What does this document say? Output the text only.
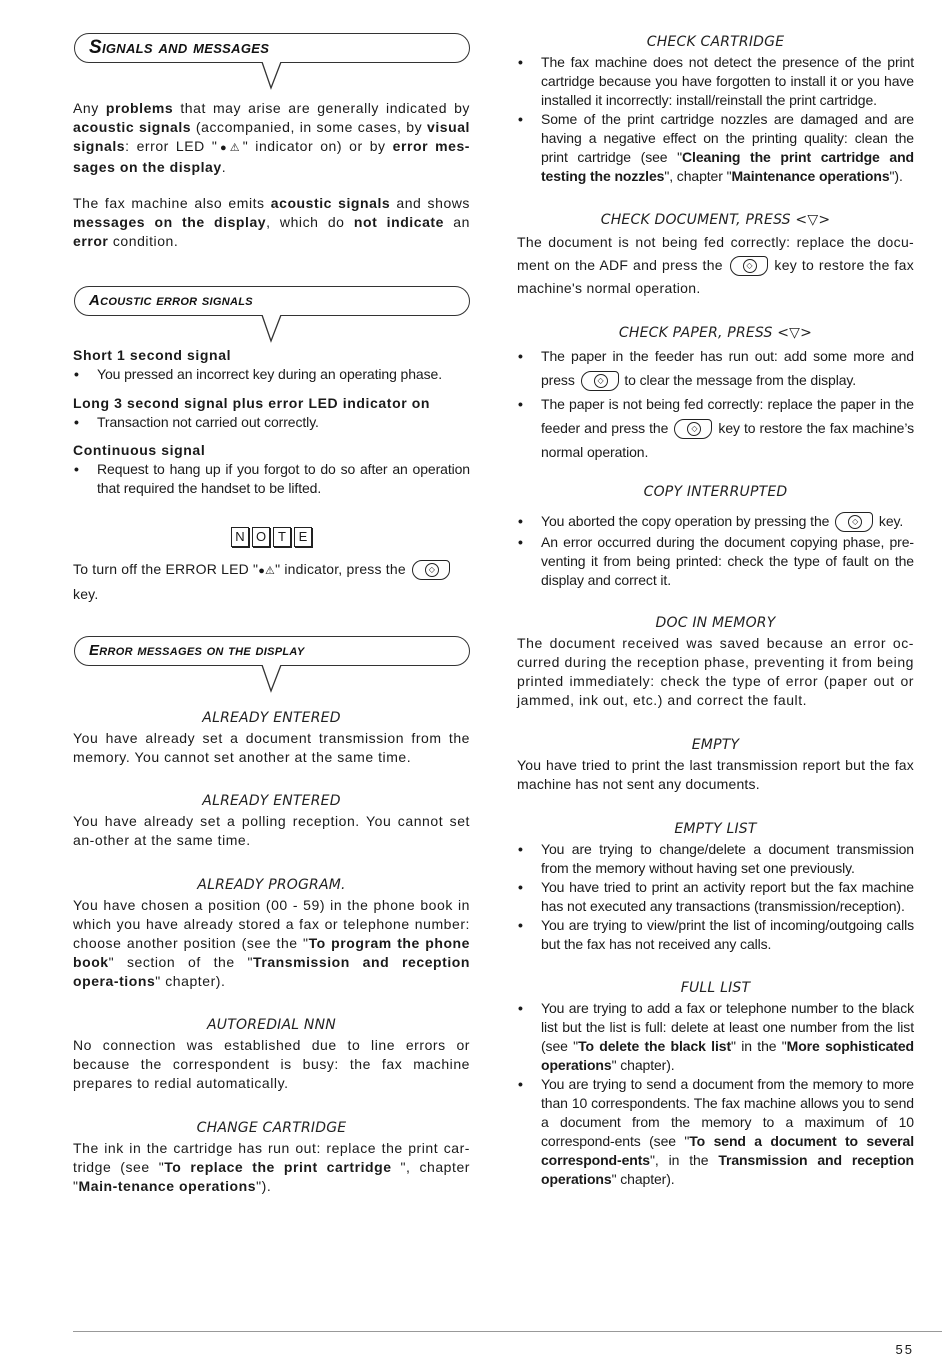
Signals and messages

Any problems that may arise are generally indicated by acoustic signals (accompanied, in some cases, by visual signals: error LED "●⚠" indicator on) or by error mes-sages on the display.

The fax machine also emits acoustic signals and shows messages on the display, which do not indicate an error condition.

Acoustic error signals
Short 1 second signal
• You pressed an incorrect key during an operating phase.
Long 3 second signal plus error LED indicator on
• Transaction not carried out correctly.
Continuous signal
• Request to hang up if you forgot to do so after an operation that required the handset to be lifted.
N O T E

To turn off the ERROR LED "●⚠" indicator, press the	◇

key.

Error messages on the display

ALREADY ENTERED

You have already set a document transmission from the memory. You cannot set another at the same time.

ALREADY ENTERED

You have already set a polling reception. You cannot set an-other at the same time.

ALREADY PROGRAM.

You have chosen a position (00 - 59) in the phone book in which you have already stored a fax or telephone number: choose another position (see the "To program the phone book" section of the "Transmission and reception opera-tions" chapter).

AUTOREDIAL NNN

No connection was established due to line errors or because the correspondent is busy: the fax machine prepares to redial automatically.

CHANGE CARTRIDGE

The ink in the cartridge has run out: replace the print car-tridge (see "To replace the print cartridge ", chapter "Main-tenance operations").

CHECK CARTRIDGE

• The fax machine does not detect the presence of the print cartridge because you have forgotten to install it or you have installed it incorrectly: install/reinstall the print cartridge.
• Some of the print cartridge nozzles are damaged and are having a negative effect on the printing quality: clean the print cartridge (see "Cleaning the print cartridge and testing the nozzles", chapter "Maintenance operations").

CHECK DOCUMENT, PRESS <▽>

The document is not being fed correctly: replace the docu-ment on the ADF and press the	◇ key to restore the fax machine's normal operation.

CHECK PAPER, PRESS <▽>

• The paper in the feeder has run out: add some more and press	◇ to clear the message from the display.
• The paper is not being fed correctly: replace the paper in the feeder and press the	◇ key to restore the fax machine’s normal operation.

COPY INTERRUPTED

• You aborted the copy operation by pressing the	◇ key.
• An error occurred during the document copying phase, pre-venting it from being printed: check the type of fault on the display and correct it.

DOC IN MEMORY

The document received was saved because an error oc-curred during the reception phase, preventing it from being printed immediately: check the type of error (paper out or jammed, ink out, etc.) and correct the fault.

EMPTY

You have tried to print the last transmission report but the fax machine has not sent any documents.

EMPTY LIST

• You are trying to change/delete a document transmission from the memory without having set one previously.
• You have tried to print an activity report but the fax machine has not executed any transactions (transmission/reception).
• You are trying to view/print the list of incoming/outgoing calls but the fax has not received any calls.

FULL LIST

• You are trying to add a fax or telephone number to the black list but the list is full: delete at least one number from the list (see "To delete the black list" in the "More sophisticated operations" chapter).
• You are trying to send a document from the memory to more than 10 correspondents. The fax machine allows you to send a document from the memory to a maximum of 10 correspond-ents (see "To send a document to several correspond-ents", in the Transmission and reception operations" chapter).
55
